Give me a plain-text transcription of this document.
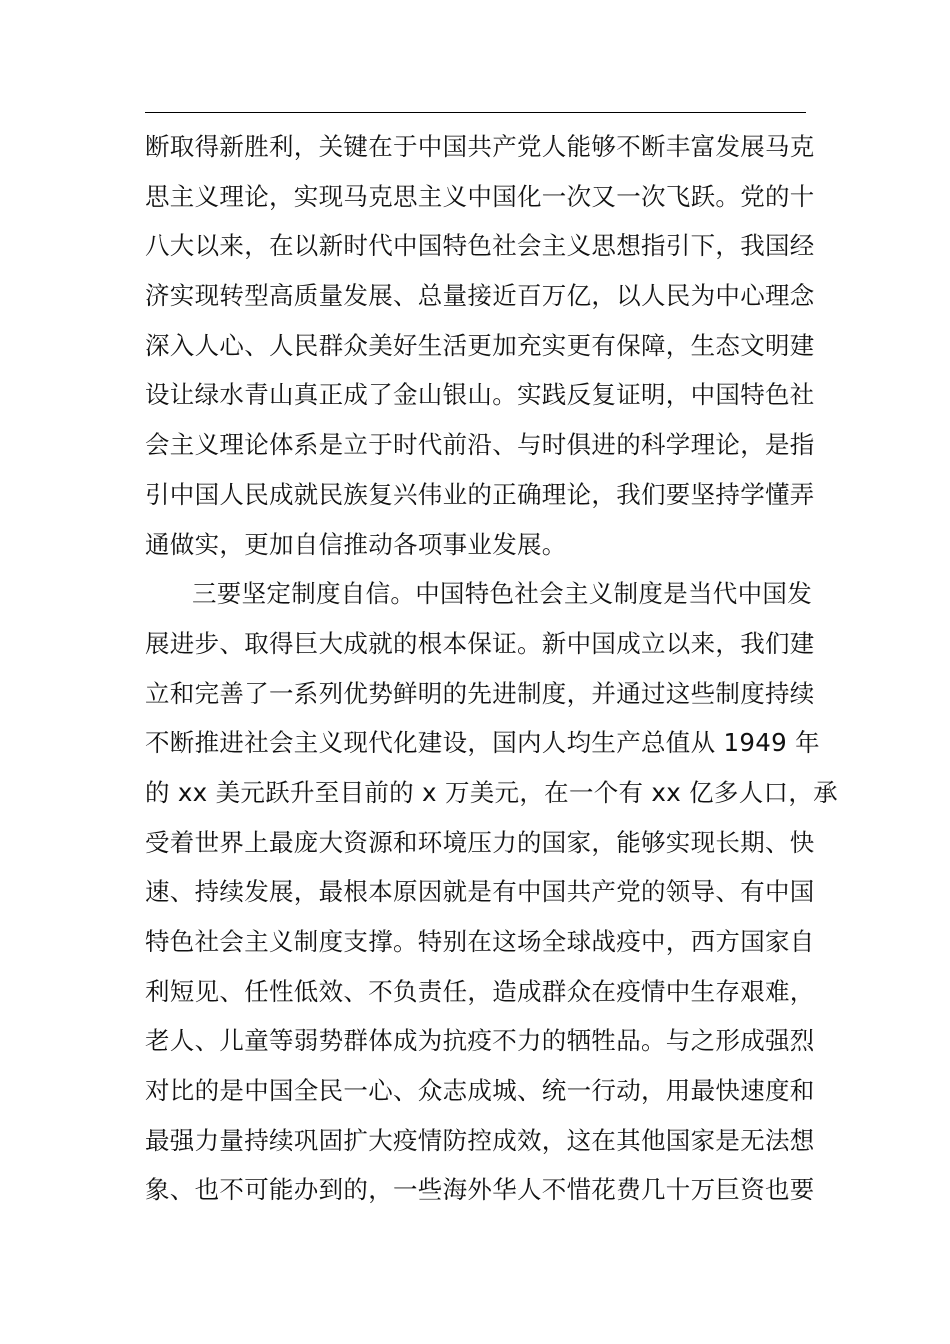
断取得新胜利，关键在于中国共产党人能够不断丰富发展马克
思主义理论，实现马克思主义中国化一次又一次飞跃。党的十
八大以来，在以新时代中国特色社会主义思想指引下，我国经
济实现转型高质量发展、总量接近百万亿，以人民为中心理念
深入人心、人民群众美好生活更加充实更有保障，生态文明建
设让绿水青山真正成了金山银山。实践反复证明，中国特色社
会主义理论体系是立于时代前沿、与时俱进的科学理论，是指
引中国人民成就民族复兴伟业的正确理论，我们要坚持学懂弄
通做实，更加自信推动各项事业发展。
三要坚定制度自信。中国特色社会主义制度是当代中国发
展进步、取得巨大成就的根本保证。新中国成立以来，我们建
立和完善了一系列优势鲜明的先进制度，并通过这些制度持续
不断推进社会主义现代化建设，国内人均生产总值从 1949 年
的 xx 美元跃升至目前的 x 万美元，在一个有 xx 亿多人口，承
受着世界上最庞大资源和环境压力的国家，能够实现长期、快
速、持续发展，最根本原因就是有中国共产党的领导、有中国
特色社会主义制度支撑。特别在这场全球战疫中，西方国家自
利短见、任性低效、不负责任，造成群众在疫情中生存艰难，
老人、儿童等弱势群体成为抗疫不力的牺牲品。与之形成强烈
对比的是中国全民一心、众志成城、统一行动，用最快速度和
最强力量持续巩固扩大疫情防控成效，这在其他国家是无法想
象、也不可能办到的，一些海外华人不惜花费几十万巨资也要
